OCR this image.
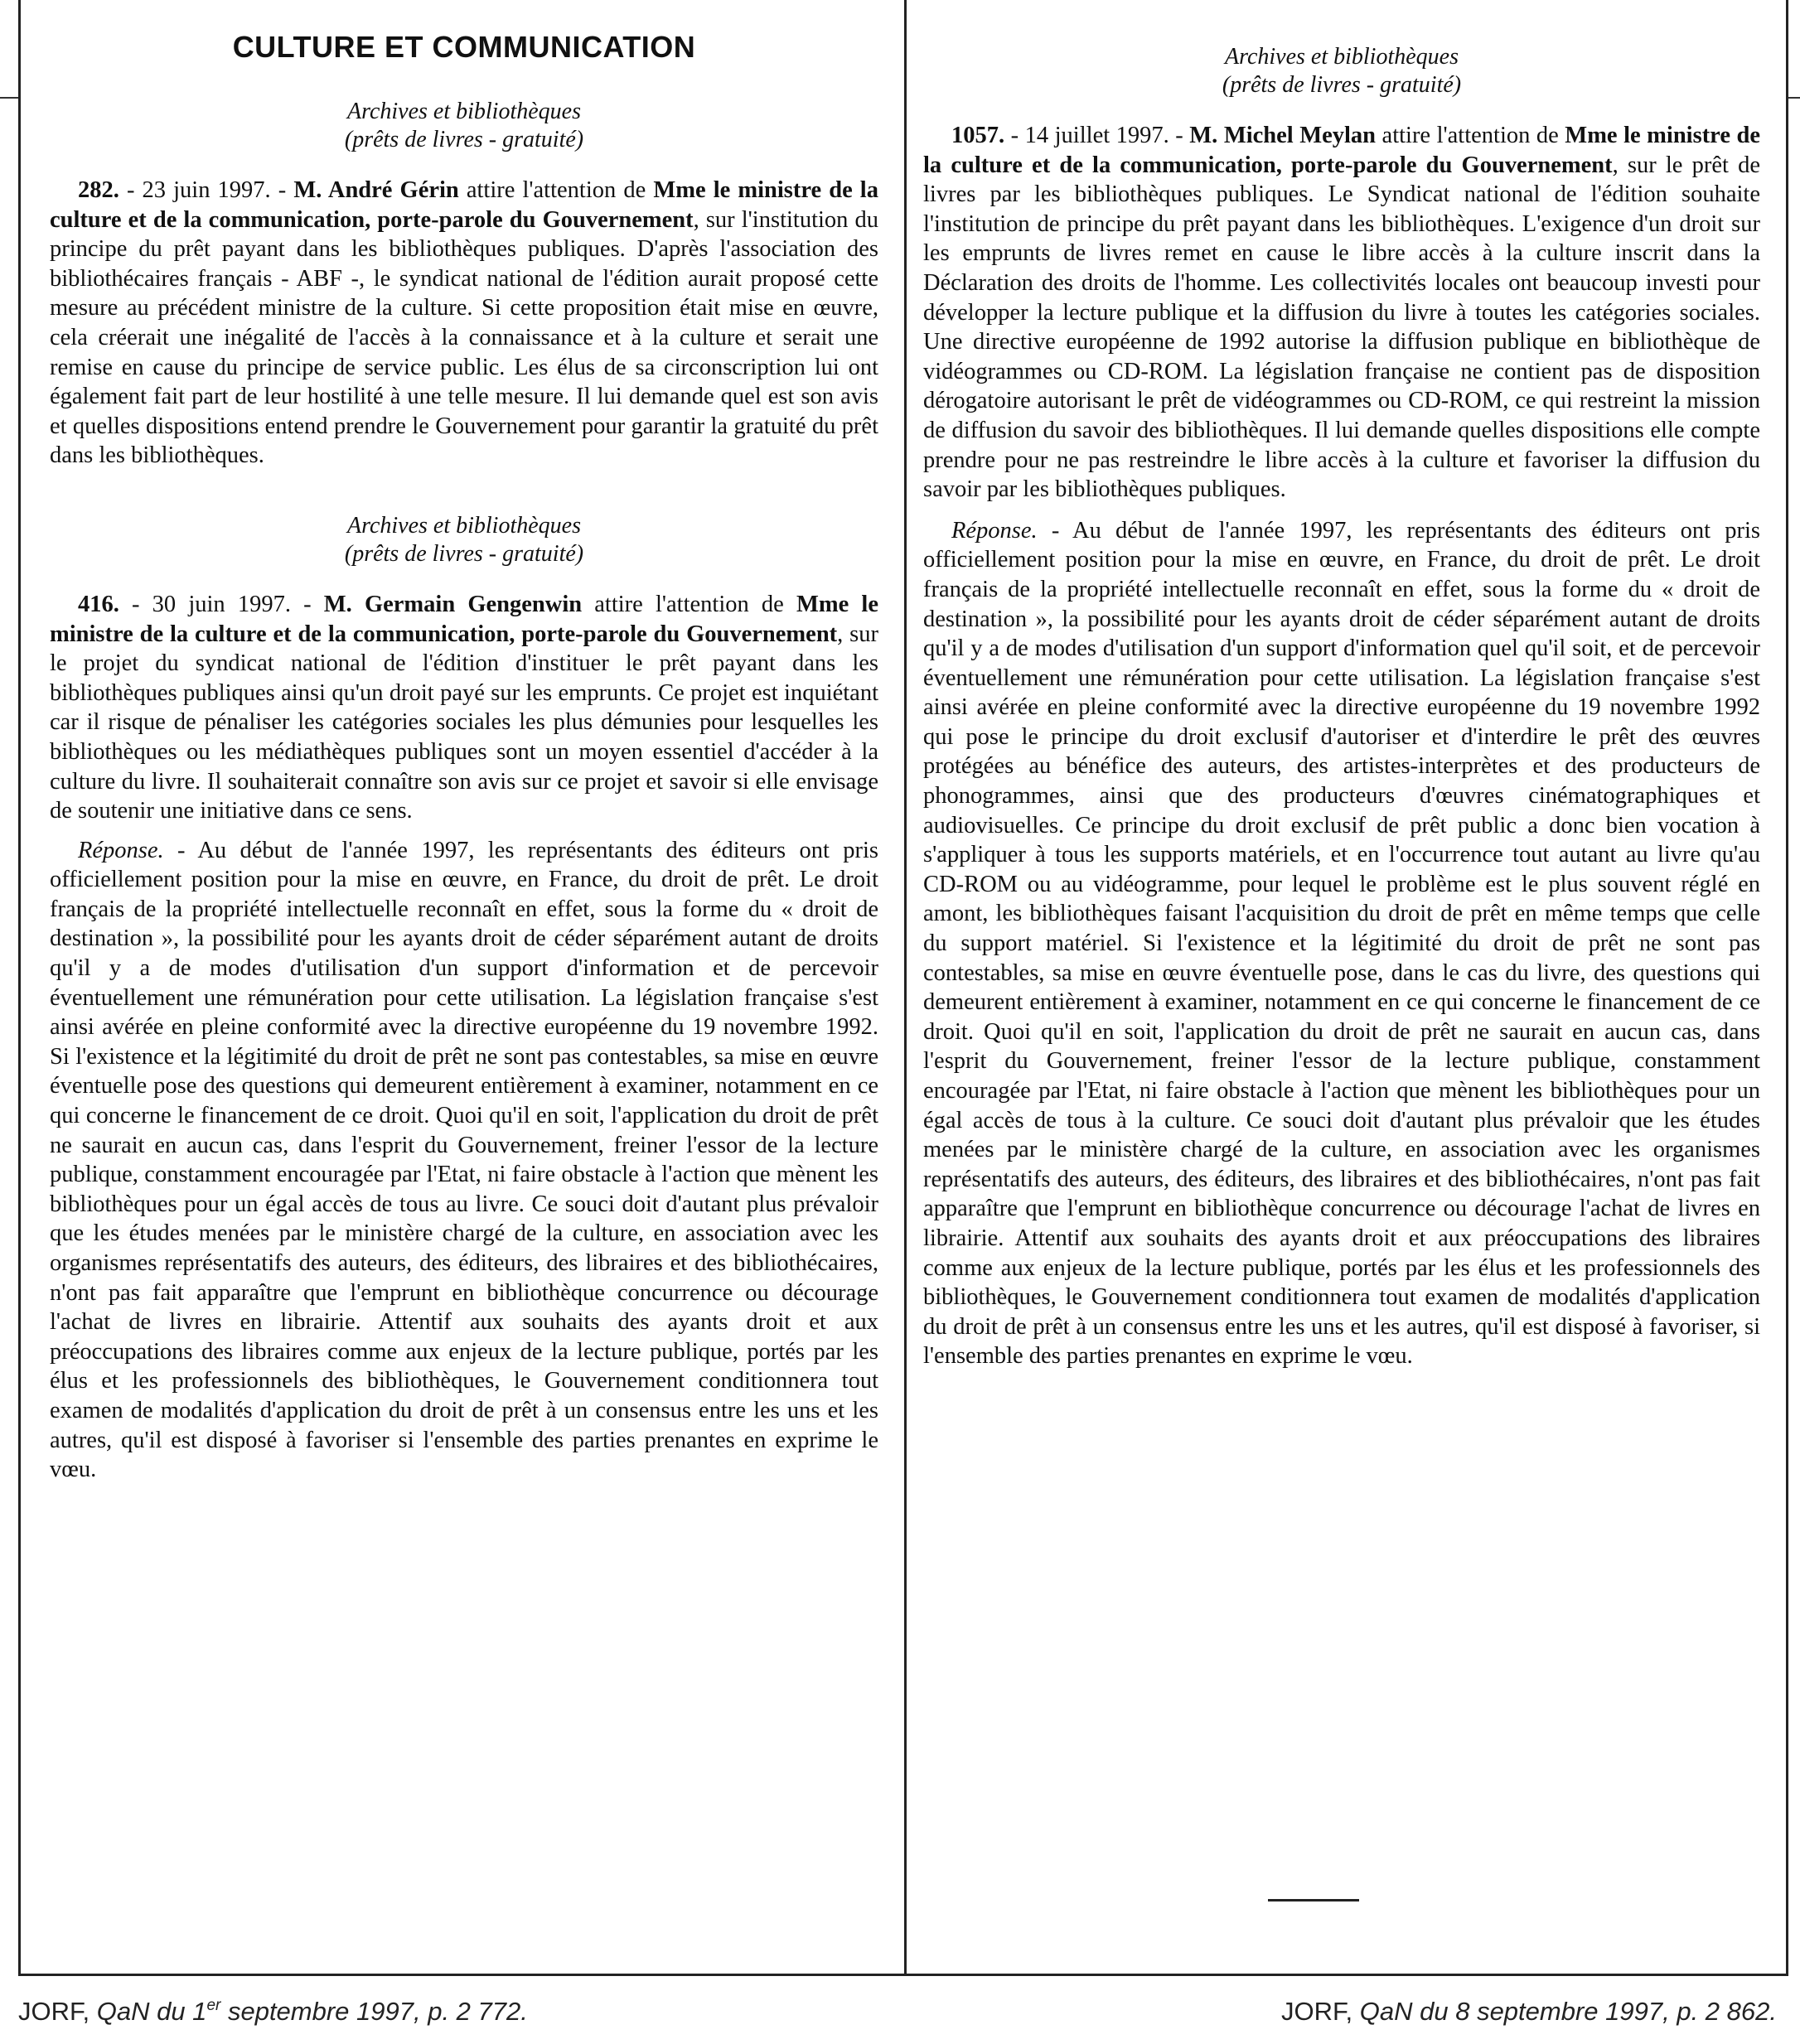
CULTURE ET COMMUNICATION
Archives et bibliothèques
(prêts de livres - gratuité)

282. - 23 juin 1997. - M. André Gérin attire l'attention de Mme le ministre de la culture et de la communication, porte-parole du Gouvernement, sur l'institution du principe du prêt payant dans les bibliothèques publiques. D'après l'association des bibliothécaires français - ABF -, le syndicat national de l'édition aurait proposé cette mesure au précédent ministre de la culture. Si cette proposition était mise en œuvre, cela créerait une inégalité de l'accès à la connaissance et à la culture et serait une remise en cause du principe de service public. Les élus de sa circonscription lui ont également fait part de leur hostilité à une telle mesure. Il lui demande quel est son avis et quelles dispositions entend prendre le Gouvernement pour garantir la gratuité du prêt dans les bibliothèques.

Archives et bibliothèques
(prêts de livres - gratuité)

416. - 30 juin 1997. - M. Germain Gengenwin attire l'attention de Mme le ministre de la culture et de la communication, porte-parole du Gouvernement, sur le projet du syndicat national de l'édition d'instituer le prêt payant dans les bibliothèques publiques ainsi qu'un droit payé sur les emprunts. Ce projet est inquiétant car il risque de pénaliser les catégories sociales les plus démunies pour lesquelles les bibliothèques ou les médiathèques publiques sont un moyen essentiel d'accéder à la culture du livre. Il souhaiterait connaître son avis sur ce projet et savoir si elle envisage de soutenir une initiative dans ce sens.

Réponse. - Au début de l'année 1997, les représentants des éditeurs ont pris officiellement position pour la mise en œuvre, en France, du droit de prêt. Le droit français de la propriété intellectuelle reconnaît en effet, sous la forme du « droit de destination », la possibilité pour les ayants droit de céder séparément autant de droits qu'il y a de modes d'utilisation d'un support d'information et de percevoir éventuellement une rémunération pour cette utilisation. La législation française s'est ainsi avérée en pleine conformité avec la directive européenne du 19 novembre 1992. Si l'existence et la légitimité du droit de prêt ne sont pas contestables, sa mise en œuvre éventuelle pose des questions qui demeurent entièrement à examiner, notamment en ce qui concerne le financement de ce droit. Quoi qu'il en soit, l'application du droit de prêt ne saurait en aucun cas, dans l'esprit du Gouvernement, freiner l'essor de la lecture publique, constamment encouragée par l'Etat, ni faire obstacle à l'action que mènent les bibliothèques pour un égal accès de tous au livre. Ce souci doit d'autant plus prévaloir que les études menées par le ministère chargé de la culture, en association avec les organismes représentatifs des auteurs, des éditeurs, des libraires et des bibliothécaires, n'ont pas fait apparaître que l'emprunt en bibliothèque concurrence ou décourage l'achat de livres en librairie. Attentif aux souhaits des ayants droit et aux préoccupations des libraires comme aux enjeux de la lecture publique, portés par les élus et les professionnels des bibliothèques, le Gouvernement conditionnera tout examen de modalités d'application du droit de prêt à un consensus entre les uns et les autres, qu'il est disposé à favoriser si l'ensemble des parties prenantes en exprime le vœu.

Archives et bibliothèques
(prêts de livres - gratuité)

1057. - 14 juillet 1997. - M. Michel Meylan attire l'attention de Mme le ministre de la culture et de la communication, porte-parole du Gouvernement, sur le prêt de livres par les bibliothèques publiques. Le Syndicat national de l'édition souhaite l'institution de principe du prêt payant dans les bibliothèques. L'exigence d'un droit sur les emprunts de livres remet en cause le libre accès à la culture inscrit dans la Déclaration des droits de l'homme. Les collectivités locales ont beaucoup investi pour développer la lecture publique et la diffusion du livre à toutes les catégories sociales. Une directive européenne de 1992 autorise la diffusion publique en bibliothèque de vidéogrammes ou CD-ROM. La législation française ne contient pas de disposition dérogatoire autorisant le prêt de vidéogrammes ou CD-ROM, ce qui restreint la mission de diffusion du savoir des bibliothèques. Il lui demande quelles dispositions elle compte prendre pour ne pas restreindre le libre accès à la culture et favoriser la diffusion du savoir par les bibliothèques publiques.

Réponse. - Au début de l'année 1997, les représentants des éditeurs ont pris officiellement position pour la mise en œuvre, en France, du droit de prêt. Le droit français de la propriété intellectuelle reconnaît en effet, sous la forme du « droit de destination », la possibilité pour les ayants droit de céder séparément autant de droits qu'il y a de modes d'utilisation d'un support d'information quel qu'il soit, et de percevoir éventuellement une rémunération pour cette utilisation. La législation française s'est ainsi avérée en pleine conformité avec la directive européenne du 19 novembre 1992 qui pose le principe du droit exclusif d'autoriser et d'interdire le prêt des œuvres protégées au bénéfice des auteurs, des artistes-interprètes et des producteurs de phonogrammes, ainsi que des producteurs d'œuvres cinématographiques et audiovisuelles. Ce principe du droit exclusif de prêt public a donc bien vocation à s'appliquer à tous les supports matériels, et en l'occurrence tout autant au livre qu'au CD-ROM ou au vidéogramme, pour lequel le problème est le plus souvent réglé en amont, les bibliothèques faisant l'acquisition du droit de prêt en même temps que celle du support matériel. Si l'existence et la légitimité du droit de prêt ne sont pas contestables, sa mise en œuvre éventuelle pose, dans le cas du livre, des questions qui demeurent entièrement à examiner, notamment en ce qui concerne le financement de ce droit. Quoi qu'il en soit, l'application du droit de prêt ne saurait en aucun cas, dans l'esprit du Gouvernement, freiner l'essor de la lecture publique, constamment encouragée par l'Etat, ni faire obstacle à l'action que mènent les bibliothèques pour un égal accès de tous à la culture. Ce souci doit d'autant plus prévaloir que les études menées par le ministère chargé de la culture, en association avec les organismes représentatifs des auteurs, des éditeurs, des libraires et des bibliothécaires, n'ont pas fait apparaître que l'emprunt en bibliothèque concurrence ou décourage l'achat de livres en librairie. Attentif aux souhaits des ayants droit et aux préoccupations des libraires comme aux enjeux de la lecture publique, portés par les élus et les professionnels des bibliothèques, le Gouvernement conditionnera tout examen de modalités d'application du droit de prêt à un consensus entre les uns et les autres, qu'il est disposé à favoriser, si l'ensemble des parties prenantes en exprime le vœu.

JORF, QaN du 1er septembre 1997, p. 2 772.	JORF, QaN du 8 septembre 1997, p. 2 862.
